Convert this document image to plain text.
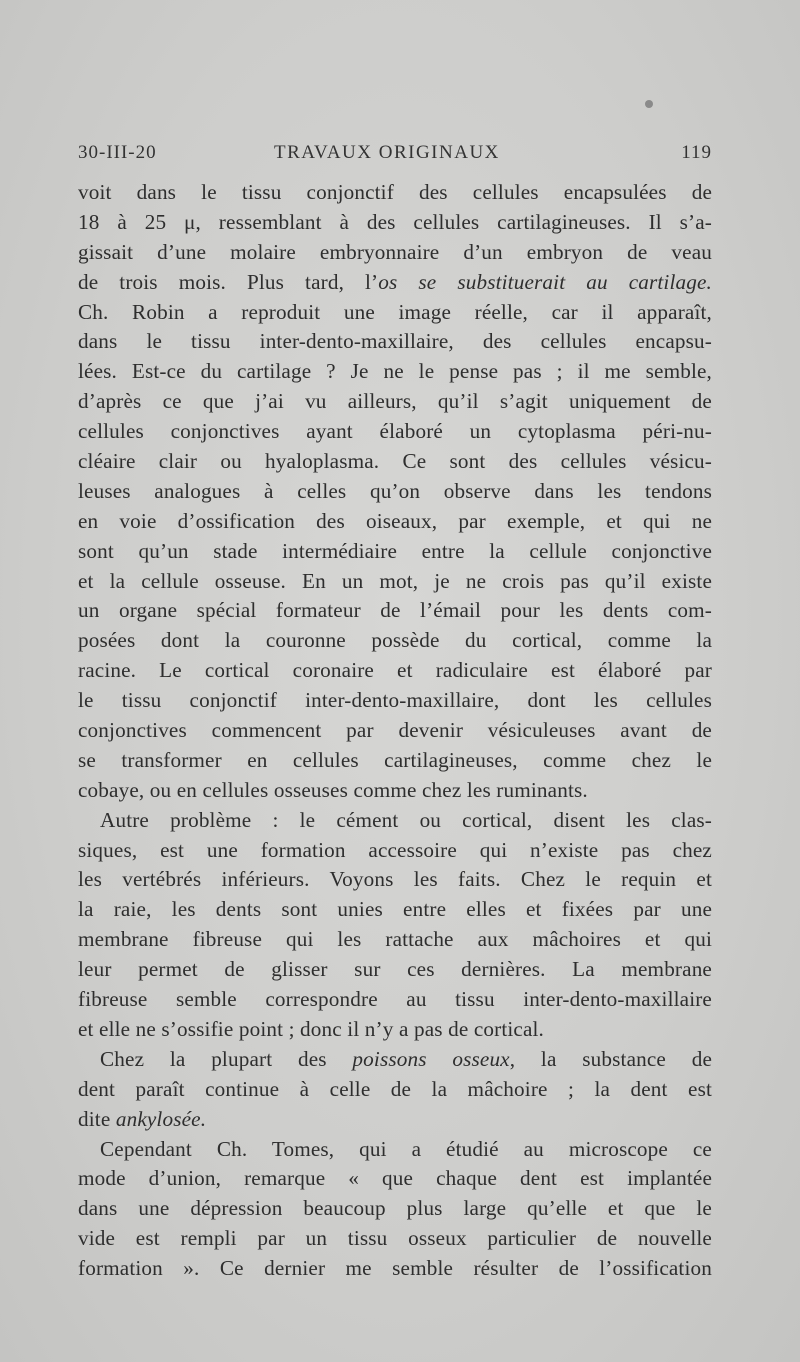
30-III-20	TRAVAUX ORIGINAUX	119
voit dans le tissu conjonctif des cellules encapsulées de
18 à 25 μ, ressemblant à des cellules cartilagineuses. Il s’a-
gissait d’une molaire embryonnaire d’un embryon de veau
de trois mois. Plus tard, l’os se substituerait au cartilage.
Ch. Robin a reproduit une image réelle, car il apparaît,
dans le tissu inter-dento-maxillaire, des cellules encapsu-
lées. Est-ce du cartilage ? Je ne le pense pas ; il me semble,
d’après ce que j’ai vu ailleurs, qu’il s’agit uniquement de
cellules conjonctives ayant élaboré un cytoplasma péri-nu-
cléaire clair ou hyaloplasma. Ce sont des cellules vésicu-
leuses analogues à celles qu’on observe dans les tendons
en voie d’ossification des oiseaux, par exemple, et qui ne
sont qu’un stade intermédiaire entre la cellule conjonctive
et la cellule osseuse. En un mot, je ne crois pas qu’il existe
un organe spécial formateur de l’émail pour les dents com-
posées dont la couronne possède du cortical, comme la
racine. Le cortical coronaire et radiculaire est élaboré par
le tissu conjonctif inter-dento-maxillaire, dont les cellules
conjonctives commencent par devenir vésiculeuses avant de
se transformer en cellules cartilagineuses, comme chez le
cobaye, ou en cellules osseuses comme chez les ruminants.
Autre problème : le cément ou cortical, disent les clas-
siques, est une formation accessoire qui n’existe pas chez
les vertébrés inférieurs. Voyons les faits. Chez le requin et
la raie, les dents sont unies entre elles et fixées par une
membrane fibreuse qui les rattache aux mâchoires et qui
leur permet de glisser sur ces dernières. La membrane
fibreuse semble correspondre au tissu inter-dento-maxillaire
et elle ne s’ossifie point ; donc il n’y a pas de cortical.
Chez la plupart des poissons osseux, la substance de
dent paraît continue à celle de la mâchoire ; la dent est
dite ankylosée.
Cependant Ch. Tomes, qui a étudié au microscope ce
mode d’union, remarque « que chaque dent est implantée
dans une dépression beaucoup plus large qu’elle et que le
vide est rempli par un tissu osseux particulier de nouvelle
formation ». Ce dernier me semble résulter de l’ossification
